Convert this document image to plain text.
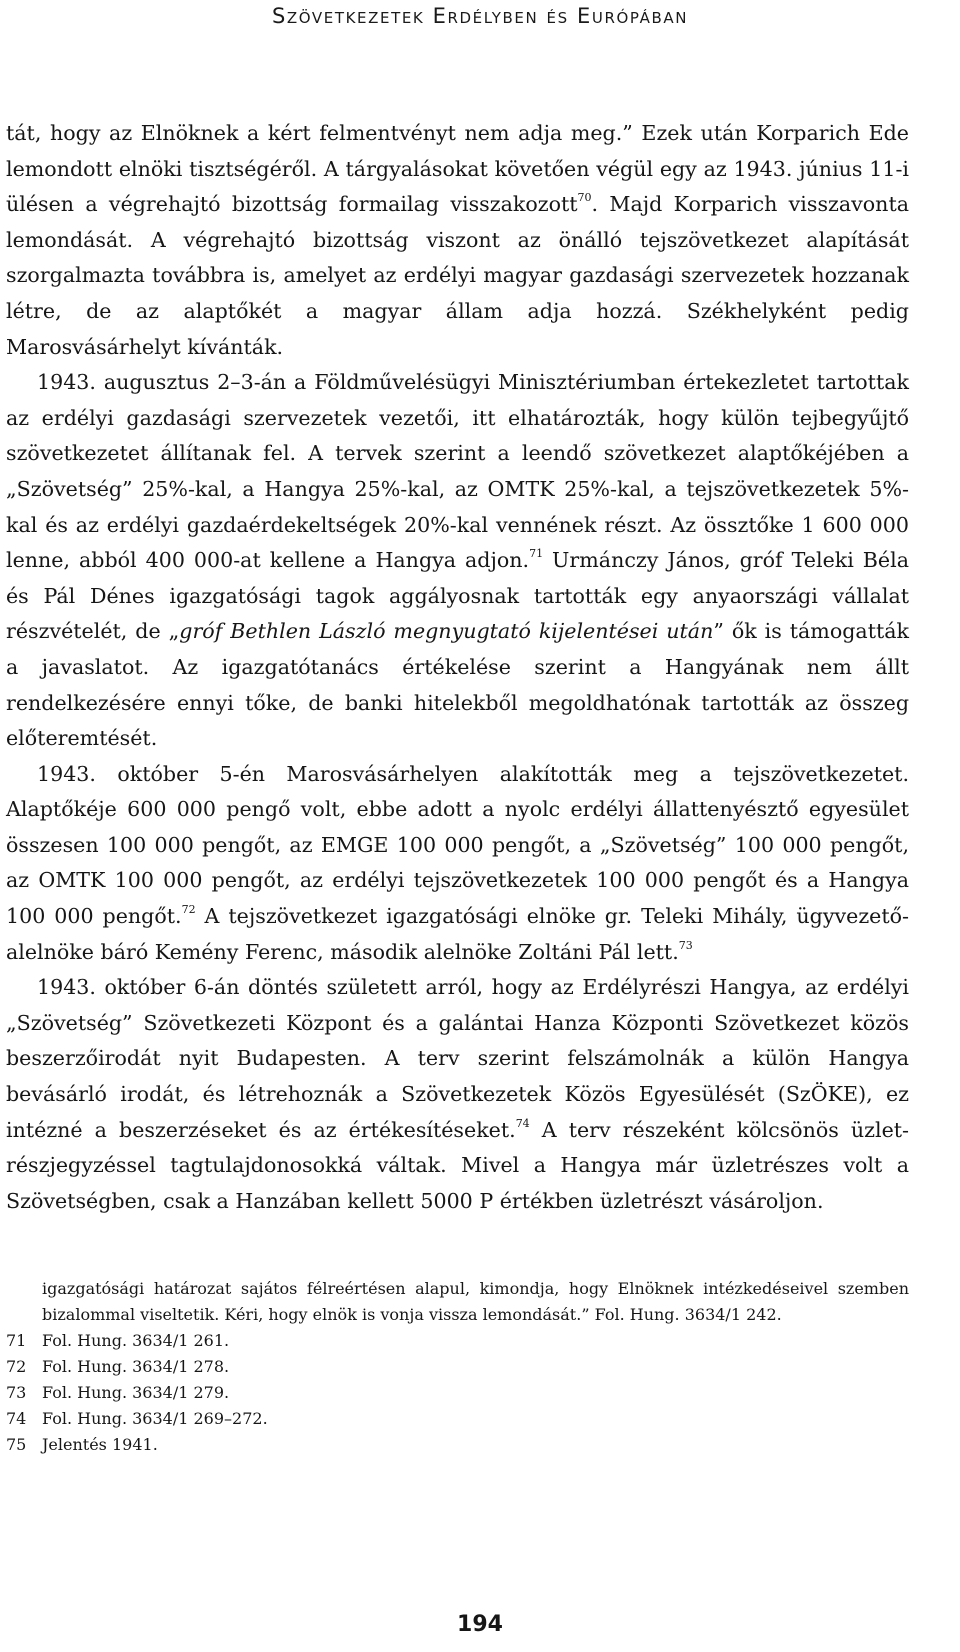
Szövetkezetek Erdélyben és Európában

tát, hogy az Elnöknek a kért felmentvényt nem adja meg.” Ezek után Korparich Ede lemondott elnöki tisztségéről. A tárgyalásokat követően végül egy az 1943. június 11-i ülésen a végrehajtó bizottság formailag visszakozott$^{70}$. Majd Korparich visszavonta lemondását. A végrehajtó bizottság viszont az önálló tejszövetkezet alapítását szorgalmazta továbbra is, amelyet az erdélyi magyar gazdasági szervezetek hozzanak létre, de az alaptőkét a magyar állam adja hozzá. Székhelyként pedig Marosvásárhelyt kívánták.

1943. augusztus 2–3-án a Földművelésügyi Minisztériumban értekezletet tartottak az erdélyi gazdasági szervezetek vezetői, itt elhatározták, hogy külön tejbegyűjtő szövetkezetet állítanak fel. A tervek szerint a leendő szövetkezet alaptőkéjében a „Szövetség” 25%-kal, a Hangya 25%-kal, az OMTK 25%-kal, a tejszövetkezetek 5%-kal és az erdélyi gazdaérdekeltségek 20%-kal vennének részt. Az össztőke 1 600 000 lenne, abból 400 000-at kellene a Hangya adjon.$^{71}$ Urmánczy János, gróf Teleki Béla és Pál Dénes igazgatósági tagok aggályosnak tartották egy anyaországi vállalat részvételét, de „gróf Bethlen László megnyugtató kijelentései után” ők is támogatták a javaslatot. Az igazgatótanács értékelése szerint a Hangyának nem állt rendelkezésére ennyi tőke, de banki hitelekből megoldhatónak tartották az összeg előteremtését.

1943. október 5-én Marosvásárhelyen alakították meg a tejszövetkezetet. Alaptőkéje 600 000 pengő volt, ebbe adott a nyolc erdélyi állattenyésztő egyesület összesen 100 000 pengőt, az EMGE 100 000 pengőt, a „Szövetség” 100 000 pengőt, az OMTK 100 000 pengőt, az erdélyi tejszövetkezetek 100 000 pengőt és a Hangya 100 000 pengőt.$^{72}$ A tejszövetkezet igazgatósági elnöke gr. Teleki Mihály, ügyvezető-alelnöke báró Kemény Ferenc, második alelnöke Zoltáni Pál lett.$^{73}$

1943. október 6-án döntés született arról, hogy az Erdélyrészi Hangya, az erdélyi „Szövetség” Szövetkezeti Központ és a galántai Hanza Központi Szövetkezet közös beszerzőirodát nyit Budapesten. A terv szerint felszámolnák a külön Hangya bevásárló irodát, és létrehoznák a Szövetkezetek Közös Egyesülését (SzÖKE), ez intézné a beszerzéseket és az értékesítéseket.$^{74}$ A terv részeként kölcsönös üzletrészjegyzéssel tagtulajdonosokká váltak. Mivel a Hangya már üzletrészes volt a Szövetségben, csak a Hanzában kellett 5000 P értékben üzletrészt vásároljon.

igazgatósági határozat sajátos félreértésen alapul, kimondja, hogy Elnöknek intézkedéseivel szemben bizalommal viseltetik. Kéri, hogy elnök is vonja vissza lemondását.” Fol. Hung. 3634/1 242.
71 Fol. Hung. 3634/1 261.
72 Fol. Hung. 3634/1 278.
73 Fol. Hung. 3634/1 279.
74 Fol. Hung. 3634/1 269–272.
75 Jelentés 1941.
194
